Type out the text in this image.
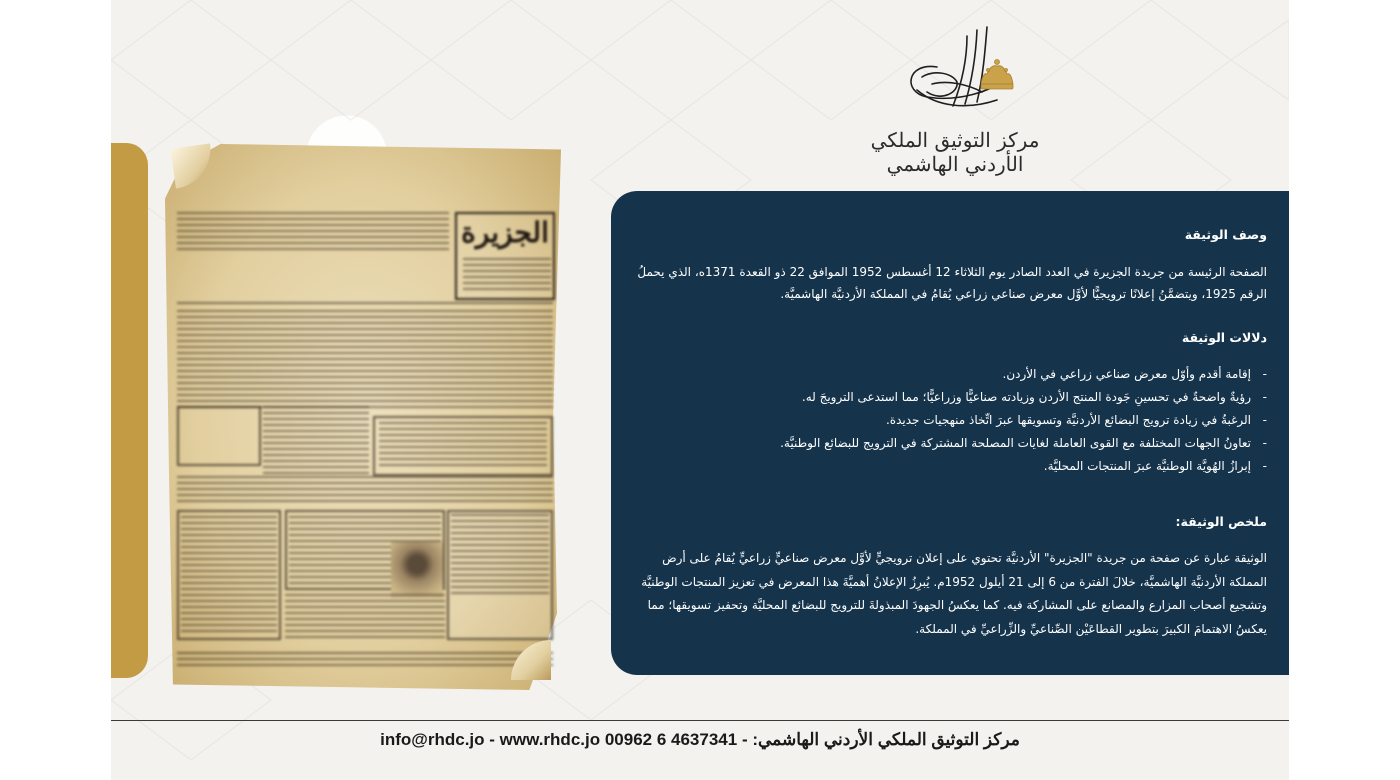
مركز التوثيق الملكي الأردني الهاشمي
الجزيرة	وصف الوثيقة
الصفحة الرئيسة من جريدة الجزيرة في العدد الصادر يوم الثلاثاء 12 أغسطس 1952 الموافق 22 ذو القعدة 1371ه، الذي يحملُ الرقم 1925، ويتضمَّنُ إعلانًا ترويجيًّا لأوَّل معرض صناعي زراعي يُقامُ في المملكة الأردنيَّة الهاشميَّة.
دلالات الوثيقة
- إقامة أقدم وأوّل معرض صناعي زراعي في الأردن.
- رؤيةٌ واضحةٌ في تحسينِ جَودة المنتج الأردن وزيادته صناعيًّا وزراعيًّا؛ مما استدعى الترويجَ له.
- الرغبةُ في زيادة ترويج البضائع الأردنيَّة وتسويقها عبرَ اتِّخاذ منهجيات جديدة.
- تعاونُ الجهات المختلفة مع القوى العاملة لغايات المصلحة المشتركة في الترويج للبضائع الوطنيَّة.
- إبرازُ الهُويَّة الوطنيَّة عبرَ المنتجات المحليَّة.
ملخص الوثيقة:
الوثيقة عبارة عن صفحة من جريدة "الجزيرة" الأردنيَّة تحتوي على إعلان ترويجيٍّ لأوَّل معرض صناعيٍّ زراعيٍّ يُقامُ على أرض المملكة الأردنيَّة الهاشميَّة، خلالَ الفترة من 6 إلى 21 أيلول 1952م. يُبرِزُ الإعلانُ أهميَّةَ هذا المعرض في تعزيز المنتجات الوطنيَّة وتشجيع أصحاب المزارع والمصانع على المشاركة فيه. كما يعكسُ الجهودَ المبذولةَ للترويج للبضائع المحليَّة وتحفيز تسويقها؛ مما يعكسُ الاهتمامَ الكبيرَ بتطوير القطاعَيْن الصِّناعيِّ والزِّراعيِّ في المملكة.
info@rhdc.jo - www.rhdc.jo 00962 6 4637341 مركز التوثيق الملكي الأردني الهاشمي: -
